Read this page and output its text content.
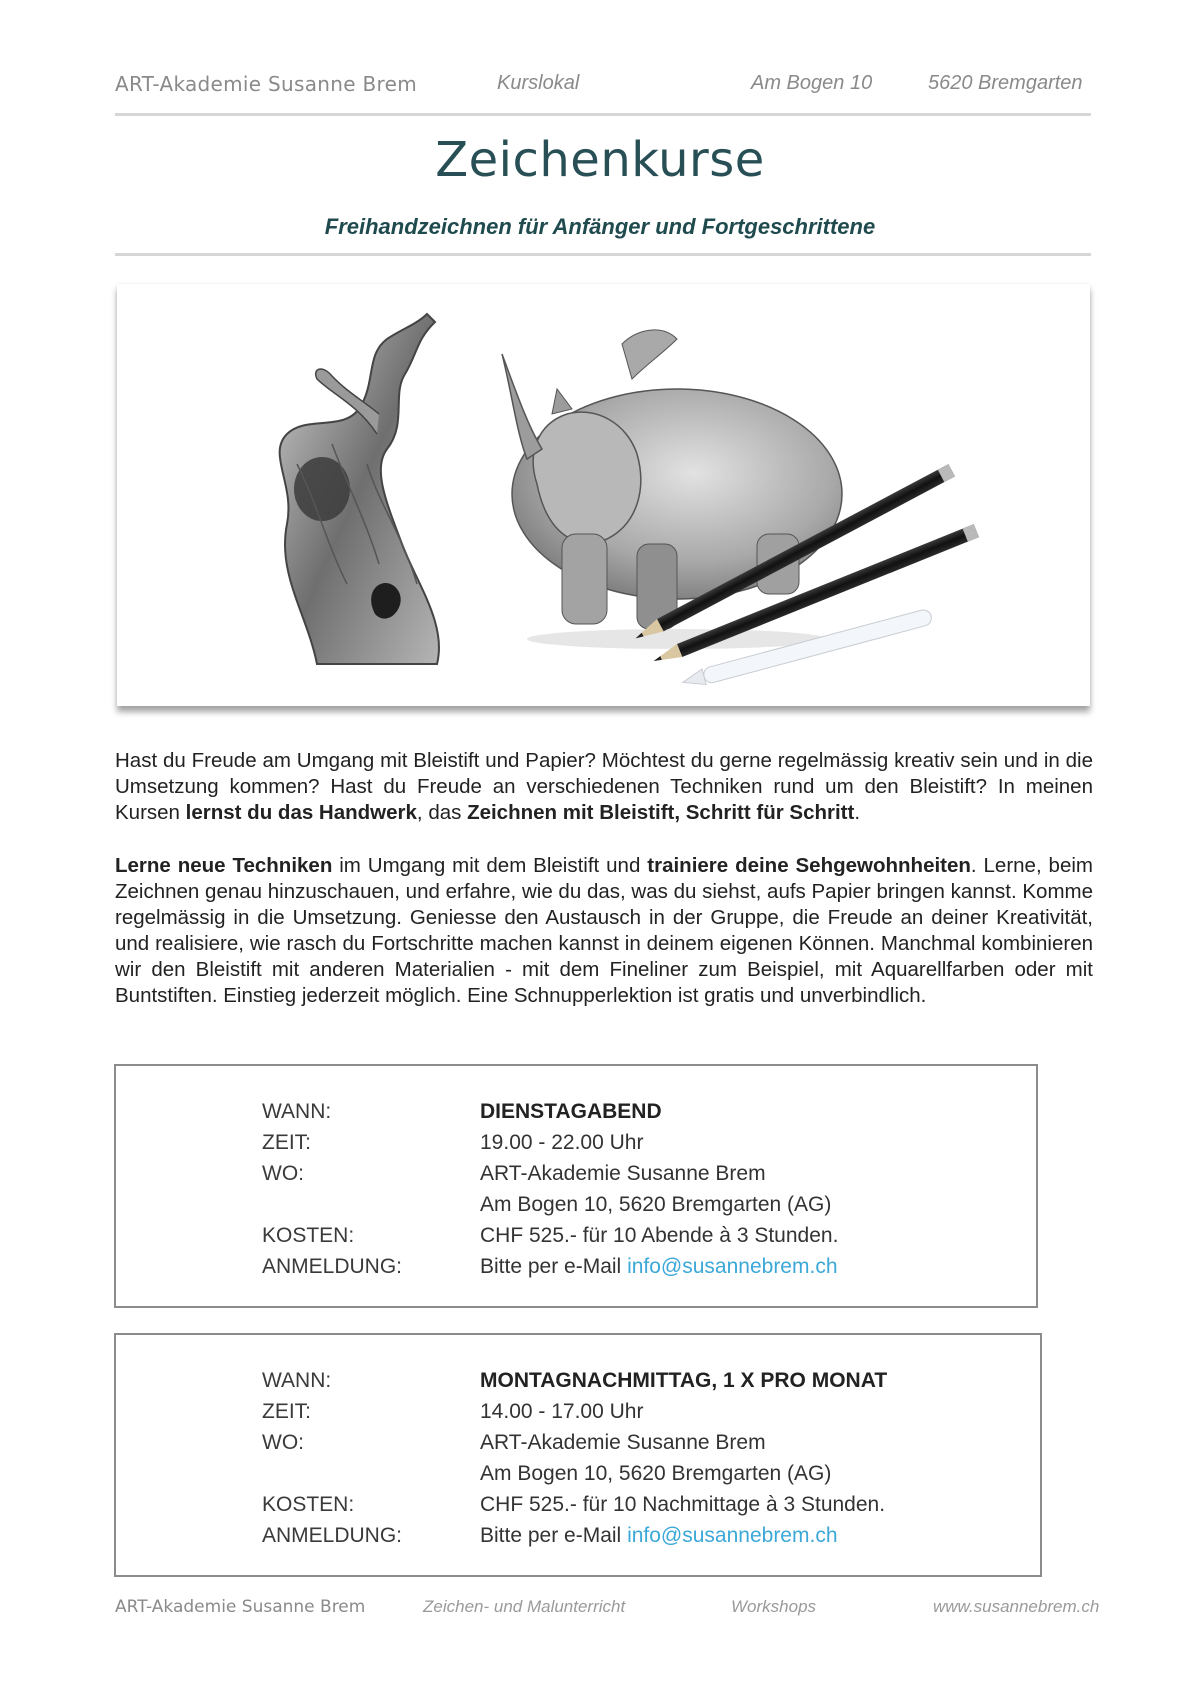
ART-Akademie Susanne Brem	Kurslokal	Am Bogen 10	5620 Bremgarten
Zeichenkurse
Freihandzeichnen für Anfänger und Fortgeschrittene

Hast du Freude am Umgang mit Bleistift und Papier? Möchtest du gerne regelmässig kreativ sein und in die Umsetzung kommen? Hast du Freude an verschiedenen Techniken rund um den Bleistift? In meinen Kursen lernst du das Handwerk, das Zeichnen mit Bleistift, Schritt für Schritt.

Lerne neue Techniken im Umgang mit dem Bleistift und trainiere deine Sehgewohnheiten. Lerne, beim Zeichnen genau hinzuschauen, und erfahre, wie du das, was du siehst, aufs Papier bringen kannst. Komme regelmässig in die Umsetzung. Geniesse den Austausch in der Gruppe, die Freude an deiner Kreativität, und realisiere, wie rasch du Fortschritte machen kannst in deinem eigenen Können. Manchmal kombinieren wir den Bleistift mit anderen Materialien - mit dem Fineliner zum Beispiel, mit Aquarellfarben oder mit Buntstiften. Einstieg jederzeit möglich. Eine Schnupperlektion ist gratis und unverbindlich.

WANN:	DIENSTAGABEND
ZEIT:	19.00 - 22.00 Uhr
WO:	ART-Akademie Susanne Brem
Am Bogen 10, 5620 Bremgarten (AG)
KOSTEN:	CHF 525.- für 10 Abende à 3 Stunden.
ANMELDUNG:	Bitte per e-Mail info@susannebrem.ch
WANN:	MONTAGNACHMITTAG, 1 X PRO MONAT
ZEIT:	14.00 - 17.00 Uhr
WO:	ART-Akademie Susanne Brem
Am Bogen 10, 5620 Bremgarten (AG)
KOSTEN:	CHF 525.- für 10 Nachmittage à 3 Stunden.
ANMELDUNG:	Bitte per e-Mail info@susannebrem.ch
ART-Akademie Susanne Brem	Zeichen- und Malunterricht	Workshops	www.susannebrem.ch
